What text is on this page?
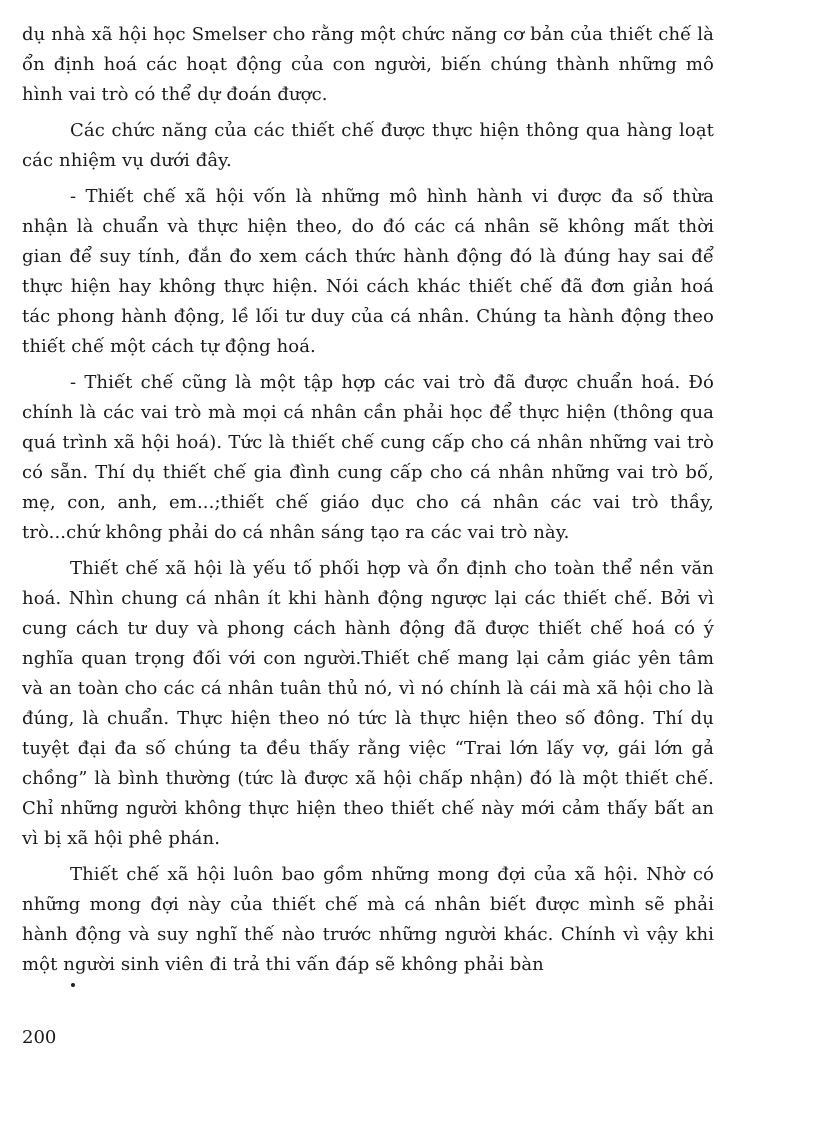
dụ nhà xã hội học Smelser cho rằng một chức năng cơ bản của thiết chế là ổn định hoá các hoạt động của con người, biến chúng thành những mô hình vai trò có thể dự đoán được.

Các chức năng của các thiết chế được thực hiện thông qua hàng loạt các nhiệm vụ dưới đây.

- Thiết chế xã hội vốn là những mô hình hành vi được đa số thừa nhận là chuẩn và thực hiện theo, do đó các cá nhân sẽ không mất thời gian để suy tính, đắn đo xem cách thức hành động đó là đúng hay sai để thực hiện hay không thực hiện. Nói cách khác thiết chế đã đơn giản hoá tác phong hành động, lề lối tư duy của cá nhân. Chúng ta hành động theo thiết chế một cách tự động hoá.

- Thiết chế cũng là một tập hợp các vai trò đã được chuẩn hoá. Đó chính là các vai trò mà mọi cá nhân cần phải học để thực hiện (thông qua quá trình xã hội hoá). Tức là thiết chế cung cấp cho cá nhân những vai trò có sẵn. Thí dụ thiết chế gia đình cung cấp cho cá nhân những vai trò bố, mẹ, con, anh, em...;thiết chế giáo dục cho cá nhân các vai trò thầy, trò...chứ không phải do cá nhân sáng tạo ra các vai trò này.

Thiết chế xã hội là yếu tố phối hợp và ổn định cho toàn thể nền văn hoá. Nhìn chung cá nhân ít khi hành động ngược lại các thiết chế. Bởi vì cung cách tư duy và phong cách hành động đã được thiết chế hoá có ý nghĩa quan trọng đối với con người.Thiết chế mang lại cảm giác yên tâm và an toàn cho các cá nhân tuân thủ nó, vì nó chính là cái mà xã hội cho là đúng, là chuẩn. Thực hiện theo nó tức là thực hiện theo số đông. Thí dụ tuyệt đại đa số chúng ta đều thấy rằng việc “Trai lớn lấy vợ, gái lớn gả chồng” là bình thường (tức là được xã hội chấp nhận) đó là một thiết chế. Chỉ những người không thực hiện theo thiết chế này mới cảm thấy bất an vì bị xã hội phê phán.

Thiết chế xã hội luôn bao gồm những mong đợi của xã hội. Nhờ có những mong đợi này của thiết chế mà cá nhân biết được mình sẽ phải hành động và suy nghĩ thế nào trước những người khác. Chính vì vậy khi một người sinh viên đi trả thi vấn đáp sẽ không phải bàn

200
